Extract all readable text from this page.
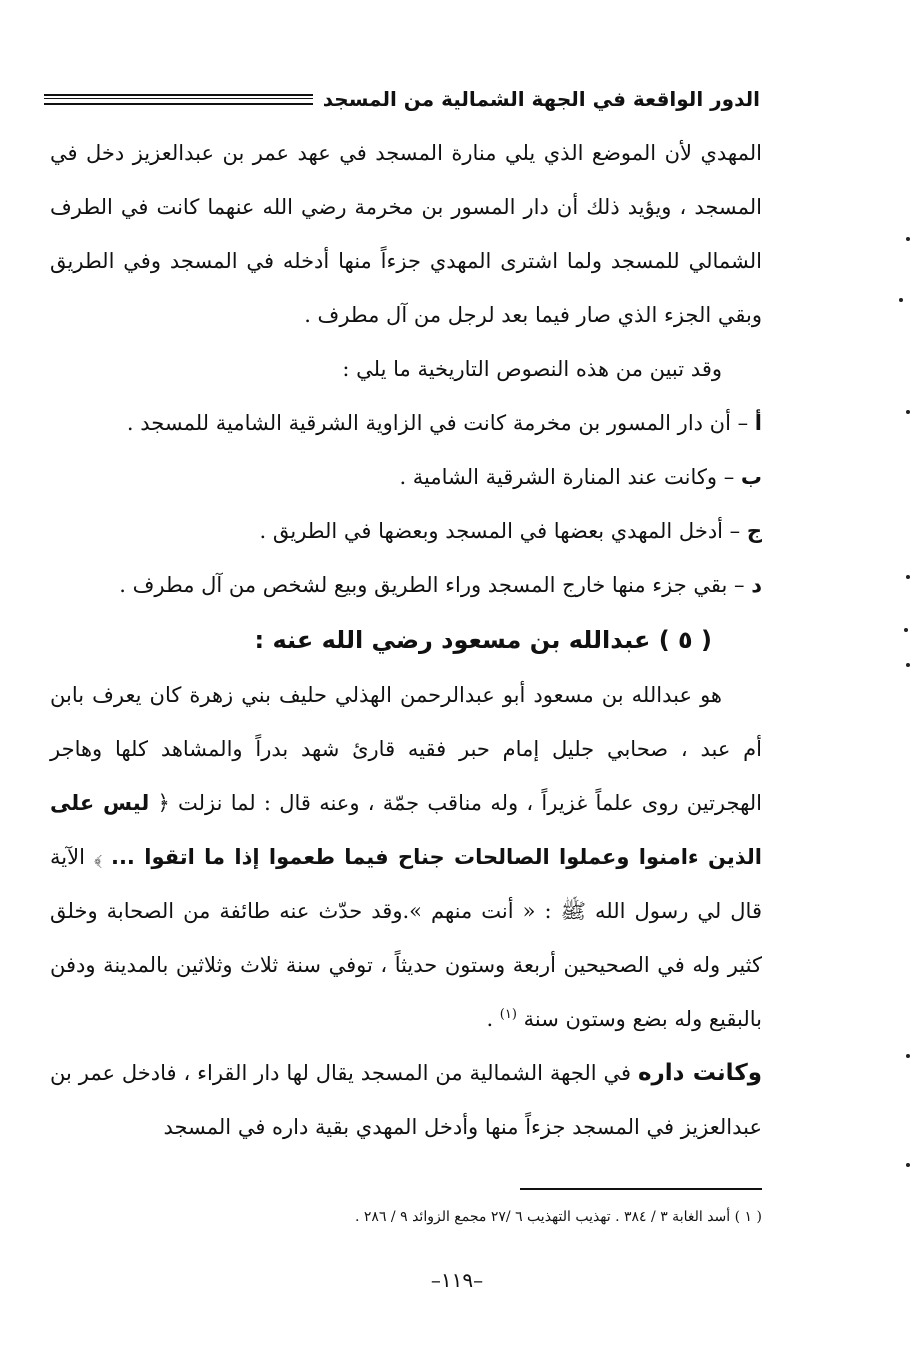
الدور الواقعة في الجهة الشمالية من المسجد

المهدي لأن الموضع الذي يلي منارة المسجد في عهد عمر بن عبدالعزيز دخل في المسجد ، ويؤيد ذلك أن دار المسور بن مخرمة رضي الله عنهما كانت في الطرف الشمالي للمسجد ولما اشترى المهدي جزءاً منها أدخله في المسجد وفي الطريق وبقي الجزء الذي صار فيما بعد لرجل من آل مطرف .

وقد تبين من هذه النصوص التاريخية ما يلي :

أ – أن دار المسور بن مخرمة كانت في الزاوية الشرقية الشامية للمسجد .

ب – وكانت عند المنارة الشرقية الشامية .

ج – أدخل المهدي بعضها في المسجد وبعضها في الطريق .

د – بقي جزء منها خارج المسجد وراء الطريق وبيع لشخص من آل مطرف .

( ٥ ) عبدالله بن مسعود رضي الله عنه :

هو عبدالله بن مسعود أبو عبدالرحمن الهذلي حليف بني زهرة كان يعرف بابن أم عبد ، صحابي جليل إمام حبر فقيه قارئ شهد بدراً والمشاهد كلها وهاجر الهجرتين روى علماً غزيراً ، وله مناقب جمّة ، وعنه قال : لما نزلت ﴿ ليس على الذين ءامنوا وعملوا الصالحات جناح فيما طعموا إذا ما اتقوا ... ﴾ الآية قال لي رسول الله ﷺ : « أنت منهم ».وقد حدّث عنه طائفة من الصحابة وخلق كثير وله في الصحيحين أربعة وستون حديثاً ، توفي سنة ثلاث وثلاثين بالمدينة ودفن بالبقيع وله بضع وستون سنة $^{(١)}$ .

وكانت داره في الجهة الشمالية من المسجد يقال لها دار القراء ، فادخل عمر بن عبدالعزيز في المسجد جزءاً منها وأدخل المهدي بقية داره في المسجد

( ١ ) أسد الغابة ٣ / ٣٨٤ . تهذيب التهذيب ٦ /٢٧ مجمع الزوائد ٩ / ٢٨٦ .
–١١٩–
